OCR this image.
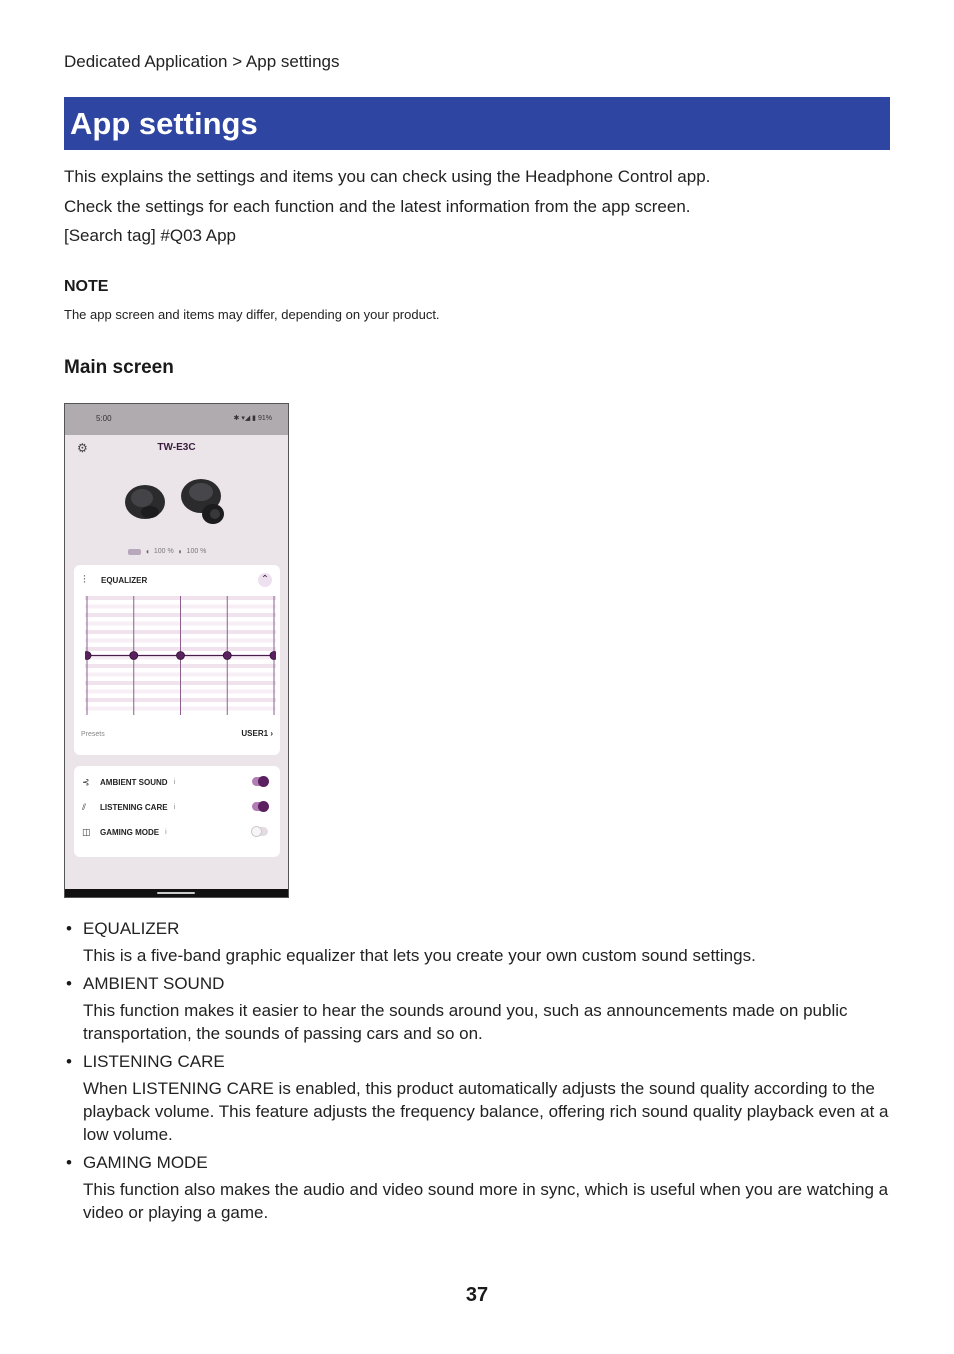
Dedicated Application > App settings
App settings
This explains the settings and items you can check using the Headphone Control app.
Check the settings for each function and the latest information from the app screen.
[Search tag] #Q03 App
NOTE
The app screen and items may differ, depending on your product.
Main screen
5:00	✱ ▾◢ ▮ 91%
⚙	TW-E3C
◖ 100 % ◗ 100 %
⫶ EQUALIZER	⌃
Presets	USER1 ›
⊰	AMBIENT SOUND i
⫽	LISTENING CARE i
◫	GAMING MODE i
• EQUALIZER
This is a five-band graphic equalizer that lets you create your own custom sound settings.
• AMBIENT SOUND
This function makes it easier to hear the sounds around you, such as announcements made on public transportation, the sounds of passing cars and so on.
• LISTENING CARE
When LISTENING CARE is enabled, this product automatically adjusts the sound quality according to the playback volume. This feature adjusts the frequency balance, offering rich sound quality playback even at a low volume.
• GAMING MODE
This function also makes the audio and video sound more in sync, which is useful when you are watching a video or playing a game.
37
